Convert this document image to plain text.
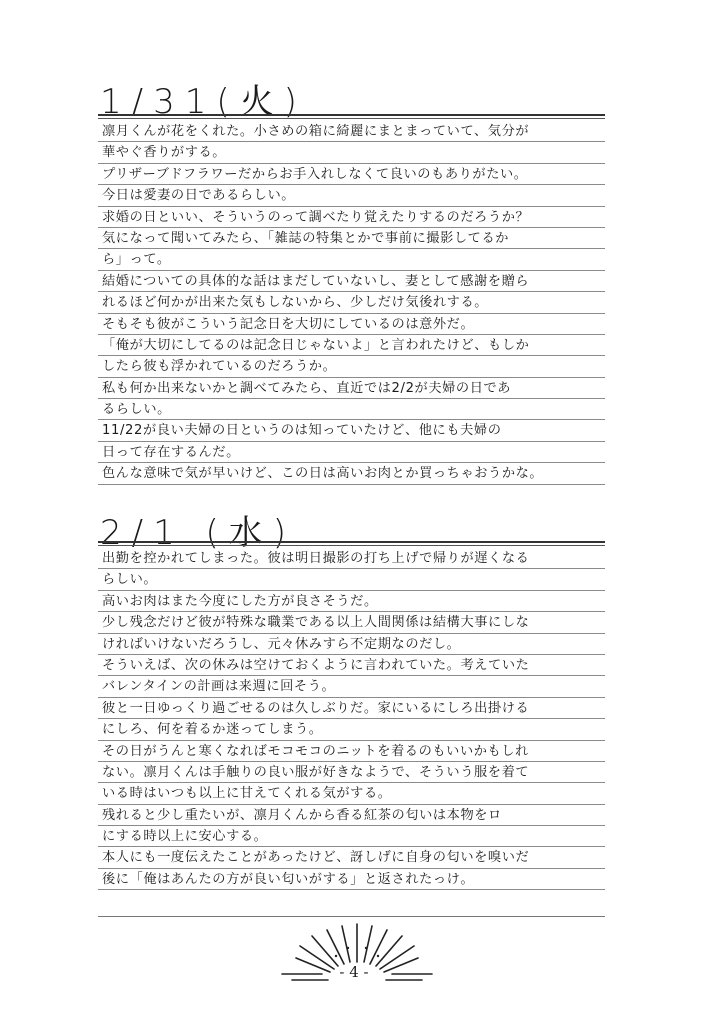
1/31(火)
凛月くんが花をくれた。小さめの箱に綺麗にまとまっていて、気分が
華やぐ香りがする。
プリザーブドフラワーだからお手入れしなくて良いのもありがたい。
今日は愛妻の日であるらしい。
求婚の日といい、そういうのって調べたり覚えたりするのだろうか？
気になって聞いてみたら、「雑誌の特集とかで事前に撮影してるか
ら」って。
結婚についての具体的な話はまだしていないし、妻として感謝を贈ら
れるほど何かが出来た気もしないから、少しだけ気後れする。
そもそも彼がこういう記念日を大切にしているのは意外だ。
「俺が大切にしてるのは記念日じゃないよ」と言われたけど、もしか
したら彼も浮かれているのだろうか。
私も何か出来ないかと調べてみたら、直近では2/2が夫婦の日であ
るらしい。
11/22が良い夫婦の日というのは知っていたけど、他にも夫婦の
日って存在するんだ。
色んな意味で気が早いけど、この日は高いお肉とか買っちゃおうかな。
2/1 (水)
出勤を控かれてしまった。彼は明日撮影の打ち上げで帰りが遅くなる
らしい。
高いお肉はまた今度にした方が良さそうだ。
少し残念だけど彼が特殊な職業である以上人間関係は結構大事にしな
ければいけないだろうし、元々休みすら不定期なのだし。
そういえば、次の休みは空けておくように言われていた。考えていた
バレンタインの計画は来週に回そう。
彼と一日ゆっくり過ごせるのは久しぶりだ。家にいるにしろ出掛ける
にしろ、何を着るか迷ってしまう。
その日がうんと寒くなればモコモコのニットを着るのもいいかもしれ
ない。凛月くんは手触りの良い服が好きなようで、そういう服を着て
いる時はいつも以上に甘えてくれる気がする。
残れると少し重たいが、凛月くんから香る紅茶の匂いは本物をロ
にする時以上に安心する。
本人にも一度伝えたことがあったけど、訝しげに自身の匂いを嗅いだ
後に「俺はあんたの方が良い匂いがする」と返されたっけ。
- 4 -
